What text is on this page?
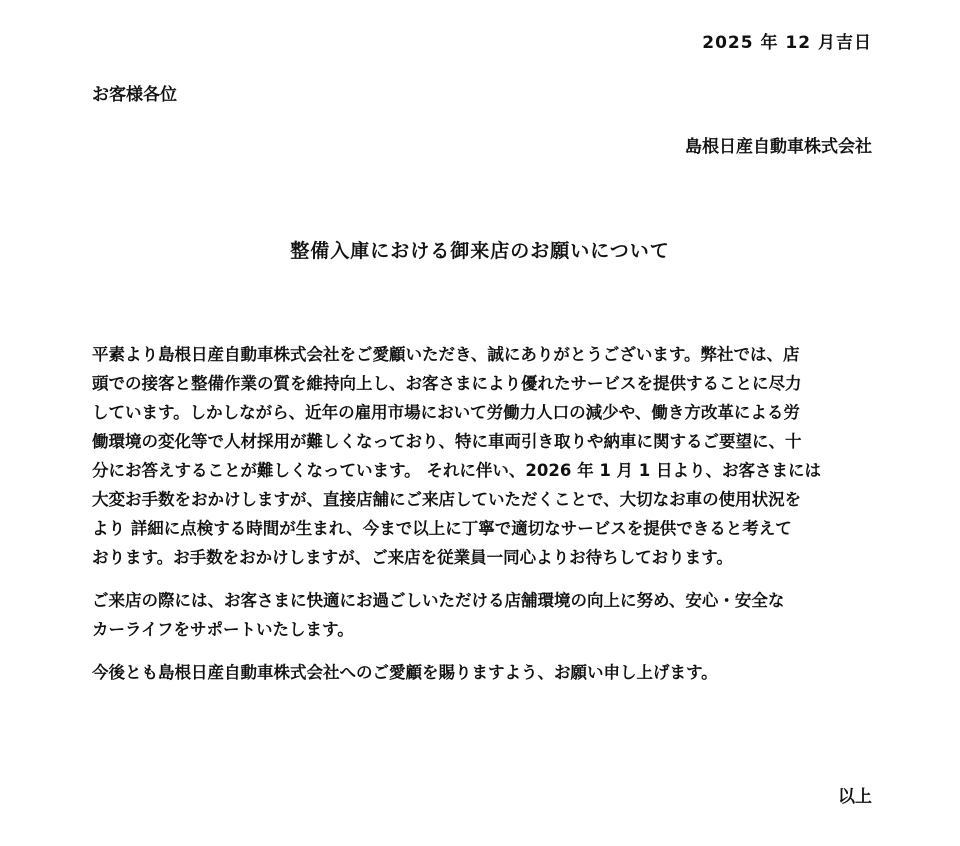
2025 年 12 月吉日
お客様各位
島根日産自動車株式会社
整備入庫における御来店のお願いについて
平素より島根日産自動車株式会社をご愛顧いただき、誠にありがとうございます。弊社では、店
頭での接客と整備作業の質を維持向上し、お客さまにより優れたサービスを提供することに尽力
しています。しかしながら、近年の雇用市場において労働力人口の減少や、働き方改革による労
働環境の変化等で人材採用が難しくなっており、特に車両引き取りや納車に関するご要望に、十
分にお答えすることが難しくなっています。 それに伴い、2026 年 1 月 1 日より、お客さまには
大変お手数をおかけしますが、直接店舗にご来店していただくことで、大切なお車の使用状況を
より 詳細に点検する時間が生まれ、今まで以上に丁寧で適切なサービスを提供できると考えて
おります。お手数をおかけしますが、ご来店を従業員一同心よりお待ちしております。
ご来店の際には、お客さまに快適にお過ごしいただける店舗環境の向上に努め、安心・安全な
カーライフをサポートいたします。
今後とも島根日産自動車株式会社へのご愛顧を賜りますよう、お願い申し上げます。
以上
